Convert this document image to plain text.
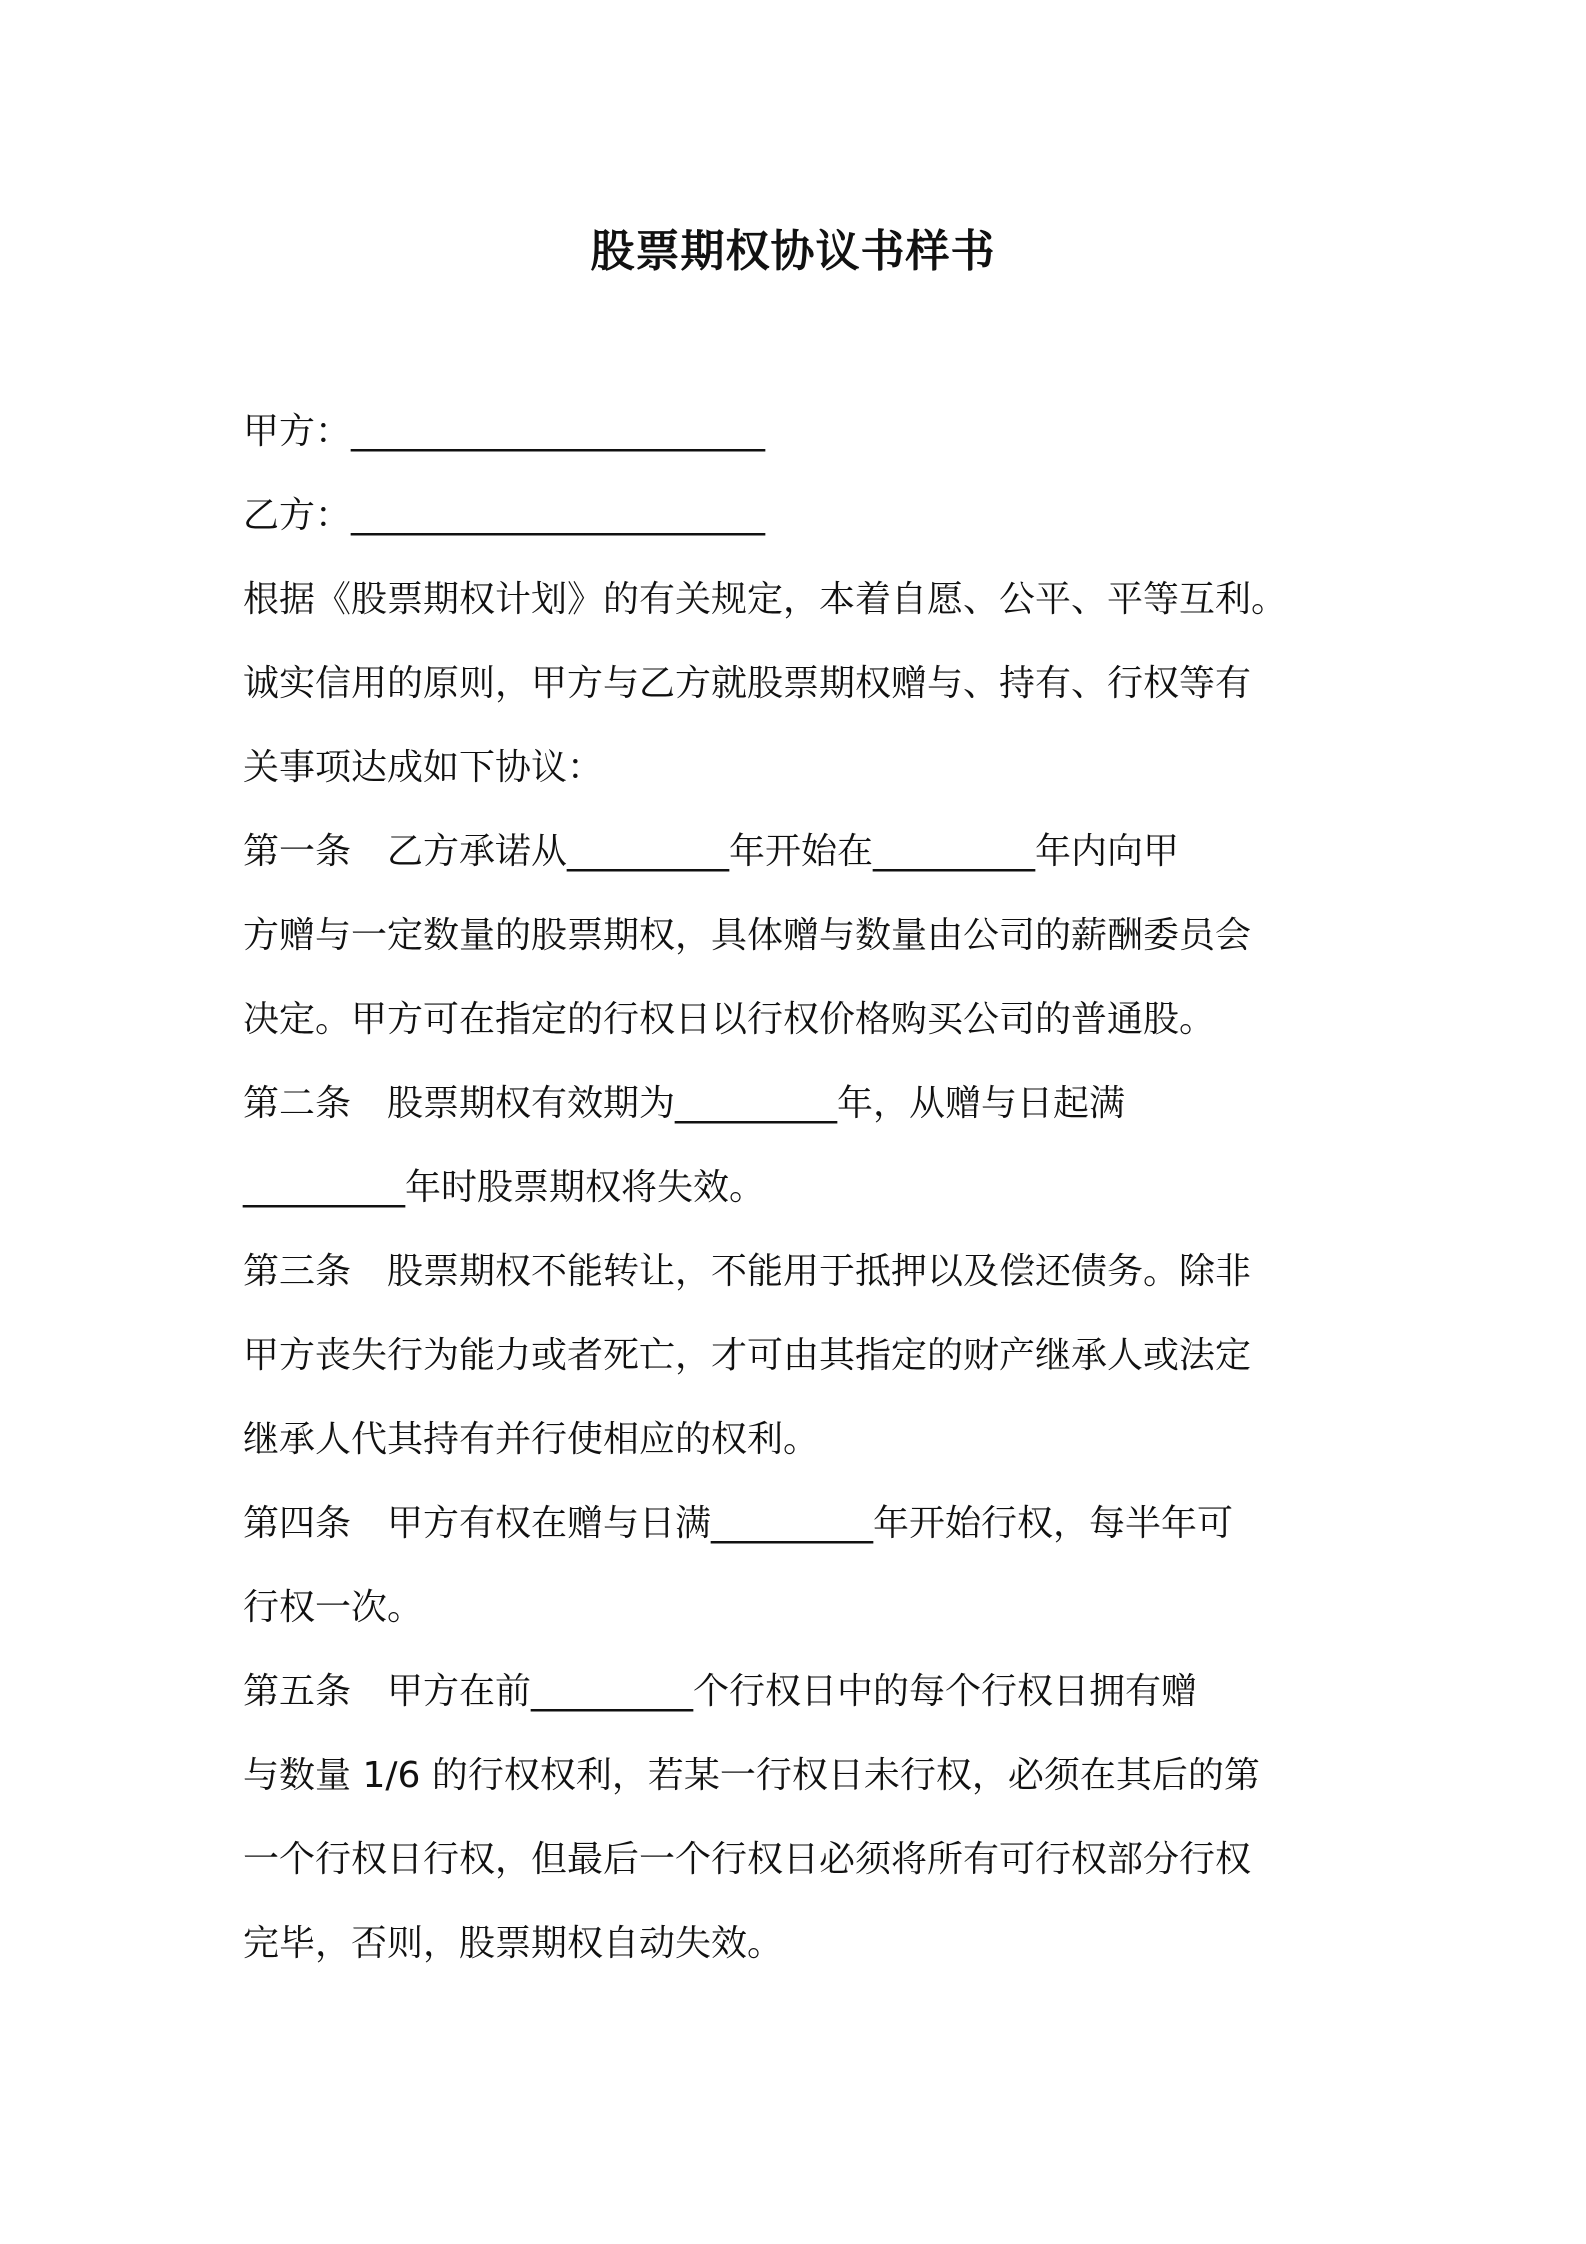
股票期权协议书样书
甲方：_______________________
乙方：_______________________
根据《股票期权计划》的有关规定，本着自愿、公平、平等互利。
诚实信用的原则，甲方与乙方就股票期权赠与、持有、行权等有
关事项达成如下协议：
第一条　乙方承诺从_________年开始在_________年内向甲
方赠与一定数量的股票期权，具体赠与数量由公司的薪酬委员会
决定。甲方可在指定的行权日以行权价格购买公司的普通股。
第二条　股票期权有效期为_________年，从赠与日起满
_________年时股票期权将失效。
第三条　股票期权不能转让，不能用于抵押以及偿还债务。除非
甲方丧失行为能力或者死亡，才可由其指定的财产继承人或法定
继承人代其持有并行使相应的权利。
第四条　甲方有权在赠与日满_________年开始行权，每半年可
行权一次。
第五条　甲方在前_________个行权日中的每个行权日拥有赠
与数量 1/6 的行权权利，若某一行权日未行权，必须在其后的第
一个行权日行权，但最后一个行权日必须将所有可行权部分行权
完毕，否则，股票期权自动失效。
